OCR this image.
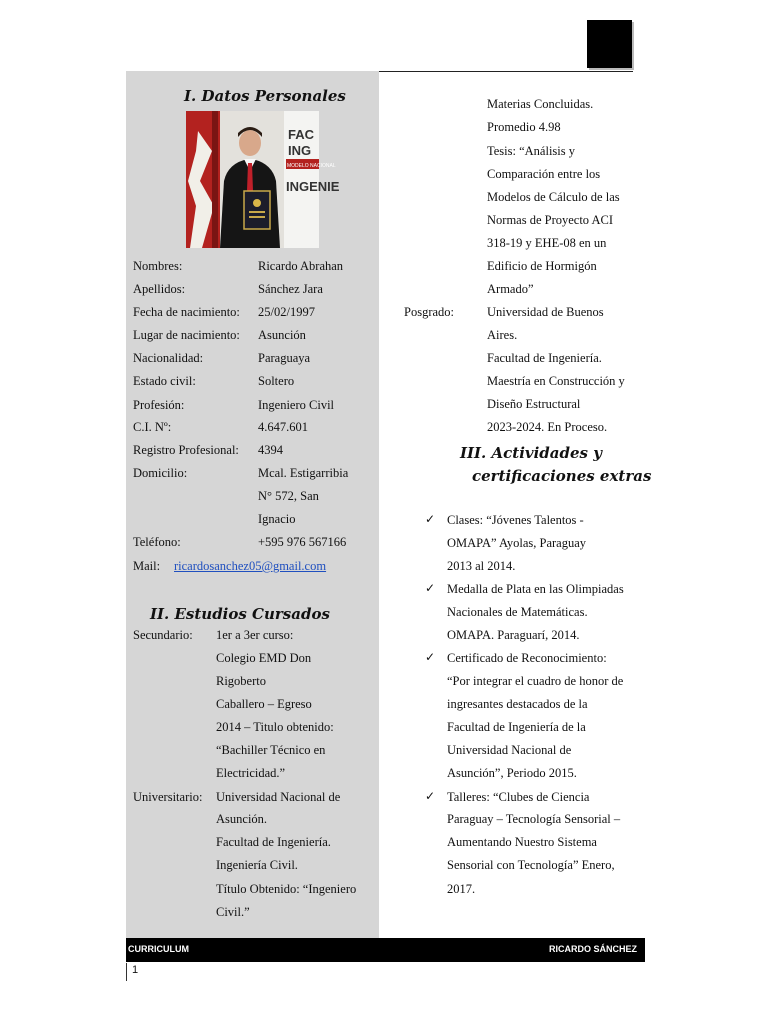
I. Datos Personales
FAC
ING
MODELO NACIONAL
INGENIE
Nombres:	Ricardo Abrahan
Apellidos:	Sánchez Jara
Fecha de nacimiento: 25/02/1997
Lugar de nacimiento: Asunción
Nacionalidad:	Paraguaya
Estado civil:	Soltero
Profesión:	Ingeniero Civil
C.I. Nº:	4.647.601
Registro Profesional: 4394
Domicilio:	Mcal. Estigarribia
N° 572, San
Ignacio
Teléfono:	+595 976 567166
Mail: ricardosanchez05@gmail.com
II. Estudios Cursados
Secundario: 1er a 3er curso:
Colegio EMD Don
Rigoberto
Caballero – Egreso
2014 – Titulo obtenido:
“Bachiller Técnico en
Electricidad.”
Universitario: Universidad Nacional de
Asunción.
Facultad de Ingeniería.
Ingeniería Civil.
Título Obtenido: “Ingeniero
Civil.”
Materias Concluidas.
Promedio 4.98
Tesis: “Análisis y
Comparación entre los
Modelos de Cálculo de las
Normas de Proyecto ACI
318-19 y EHE-08 en un
Edificio de Hormigón
Armado”
Posgrado:	Universidad de Buenos
Aires.
Facultad de Ingeniería.
Maestría en Construcción y
Diseño Estructural
2023-2024. En Proceso.
III. Actividades y
certificaciones extras
✓ Clases: “Jóvenes Talentos -
OMAPA” Ayolas, Paraguay
2013 al 2014.
✓ Medalla de Plata en las Olimpiadas
Nacionales de Matemáticas.
OMAPA. Paraguarí, 2014.
✓ Certificado de Reconocimiento:
“Por integrar el cuadro de honor de
ingresantes destacados de la
Facultad de Ingeniería de la
Universidad Nacional de
Asunción”, Periodo 2015.
✓ Talleres: “Clubes de Ciencia
Paraguay – Tecnología Sensorial –
Aumentando Nuestro Sistema
Sensorial con Tecnología” Enero,
2017.
CURRICULUM	RICARDO SÁNCHEZ
1
